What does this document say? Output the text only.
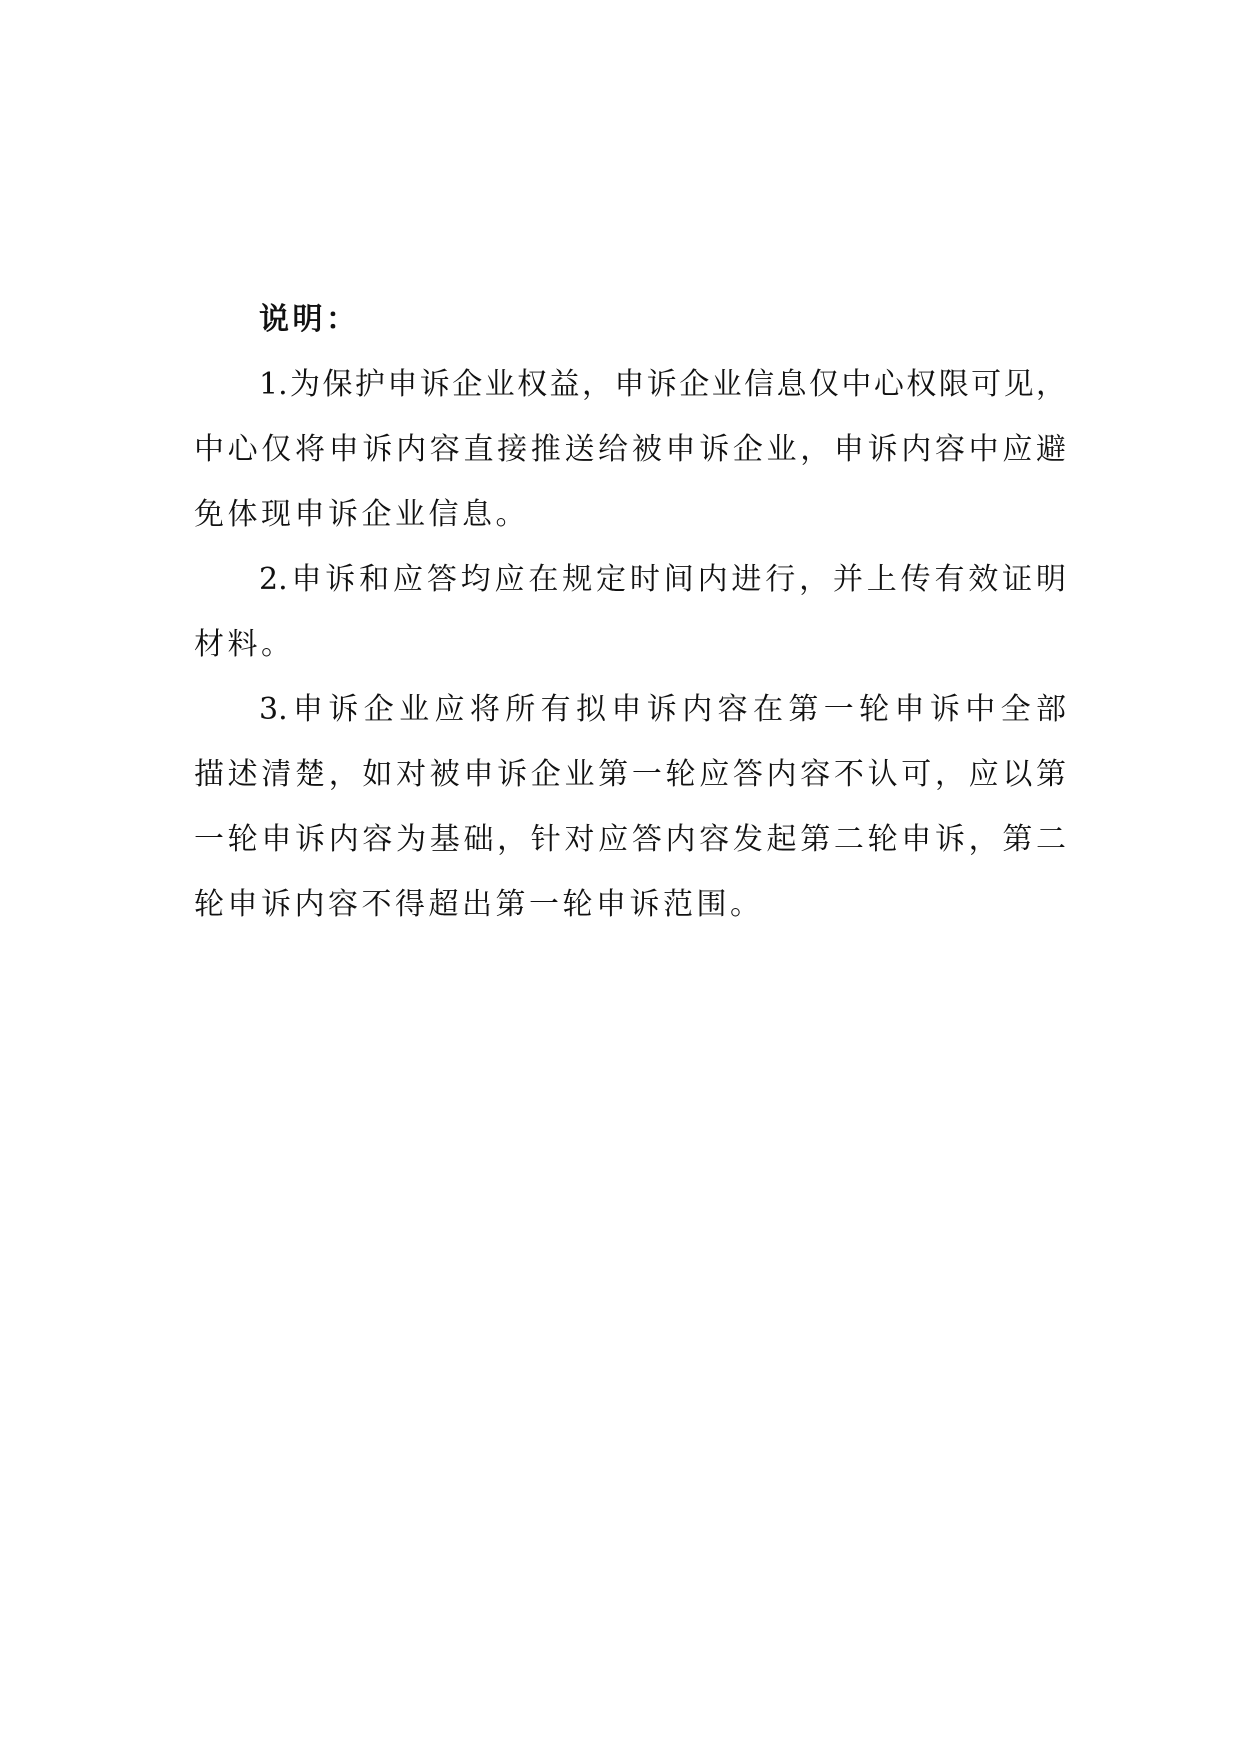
说明：
1.为保护申诉企业权益，申诉企业信息仅中心权限可见，
中心仅将申诉内容直接推送给被申诉企业，申诉内容中应避
免体现申诉企业信息。
2.申诉和应答均应在规定时间内进行，并上传有效证明
材料。
3.申诉企业应将所有拟申诉内容在第一轮申诉中全部
描述清楚，如对被申诉企业第一轮应答内容不认可，应以第
一轮申诉内容为基础，针对应答内容发起第二轮申诉，第二
轮申诉内容不得超出第一轮申诉范围。
